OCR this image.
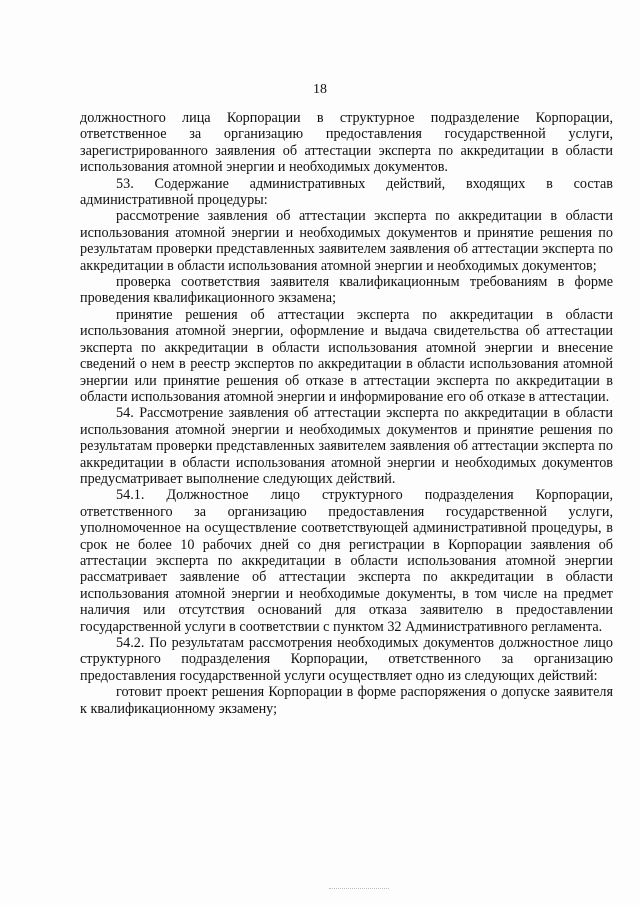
18

должностного лица Корпорации в структурное подразделение Корпорации, ответственное за организацию предоставления государственной услуги, зарегистрированного заявления об аттестации эксперта по аккредитации в области использования атомной энергии и необходимых документов.

53. Содержание административных действий, входящих в состав административной процедуры:

рассмотрение заявления об аттестации эксперта по аккредитации в области использования атомной энергии и необходимых документов и принятие решения по результатам проверки представленных заявителем заявления об аттестации эксперта по аккредитации в области использования атомной энергии и необходимых документов;

проверка соответствия заявителя квалификационным требованиям в форме проведения квалификационного экзамена;

принятие решения об аттестации эксперта по аккредитации в области использования атомной энергии, оформление и выдача свидетельства об аттестации эксперта по аккредитации в области использования атомной энергии и внесение сведений о нем в реестр экспертов по аккредитации в области использования атомной энергии или принятие решения об отказе в аттестации эксперта по аккредитации в области использования атомной энергии и информирование его об отказе в аттестации.

54. Рассмотрение заявления об аттестации эксперта по аккредитации в области использования атомной энергии и необходимых документов и принятие решения по результатам проверки представленных заявителем заявления об аттестации эксперта по аккредитации в области использования атомной энергии и необходимых документов предусматривает выполнение следующих действий.

54.1. Должностное лицо структурного подразделения Корпорации, ответственного за организацию предоставления государственной услуги, уполномоченное на осуществление соответствующей административной процедуры, в срок не более 10 рабочих дней со дня регистрации в Корпорации заявления об аттестации эксперта по аккредитации в области использования атомной энергии рассматривает заявление об аттестации эксперта по аккредитации в области использования атомной энергии и необходимые документы, в том числе на предмет наличия или отсутствия оснований для отказа заявителю в предоставлении государственной услуги в соответствии с пунктом 32 Административного регламента.

54.2. По результатам рассмотрения необходимых документов должностное лицо структурного подразделения Корпорации, ответственного за организацию предоставления государственной услуги осуществляет одно из следующих действий:

готовит проект решения Корпорации в форме распоряжения о допуске заявителя к квалификационному экзамену;
